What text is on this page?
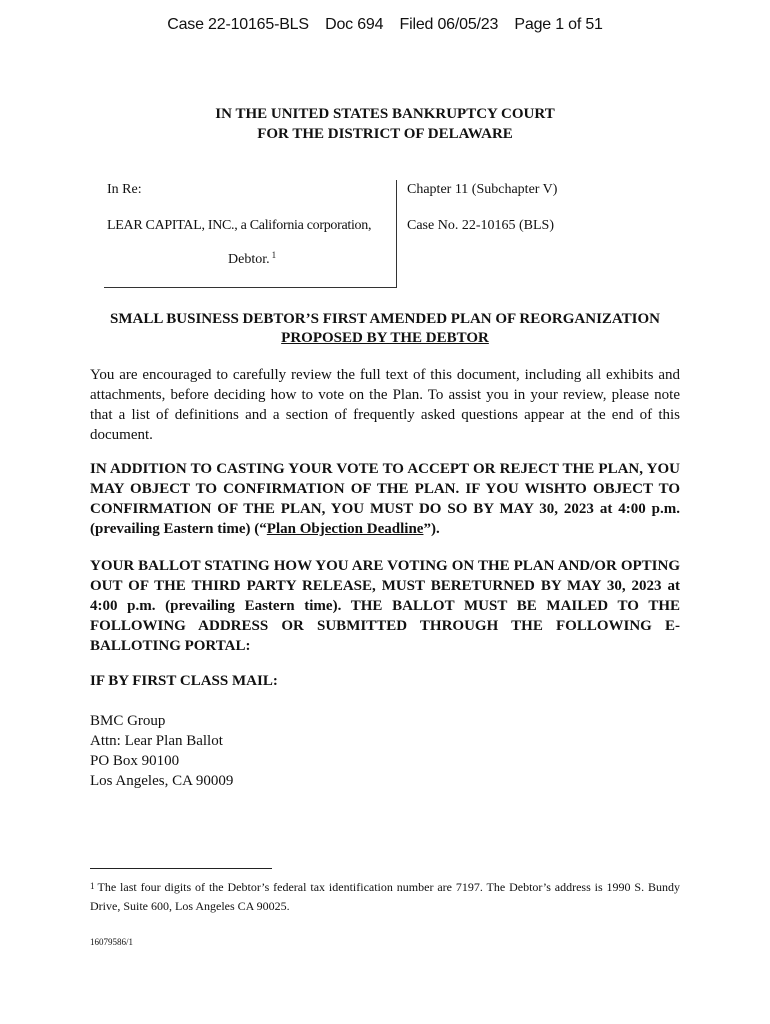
Case 22-10165-BLS Doc 694 Filed 06/05/23 Page 1 of 51
IN THE UNITED STATES BANKRUPTCY COURT
FOR THE DISTRICT OF DELAWARE
In Re:
LEAR CAPITAL, INC., a California corporation,
Debtor. $^1$
Chapter 11 (Subchapter V)
Case No. 22-10165 (BLS)
SMALL BUSINESS DEBTOR’S FIRST AMENDED PLAN OF REORGANIZATION
PROPOSED BY THE DEBTOR
You are encouraged to carefully review the full text of this document, including all exhibits and attachments, before deciding how to vote on the Plan. To assist you in your review, please note that a list of definitions and a section of frequently asked questions appear at the end of this document.
IN ADDITION TO CASTING YOUR VOTE TO ACCEPT OR REJECT THE PLAN, YOU MAY OBJECT TO CONFIRMATION OF THE PLAN. IF YOU WISHTO OBJECT TO CONFIRMATION OF THE PLAN, YOU MUST DO SO BY MAY 30, 2023 at 4:00 p.m. (prevailing Eastern time) (“Plan Objection Deadline”).
YOUR BALLOT STATING HOW YOU ARE VOTING ON THE PLAN AND/OR OPTING OUT OF THE THIRD PARTY RELEASE, MUST BERETURNED BY MAY 30, 2023 at 4:00 p.m. (prevailing Eastern time). THE BALLOT MUST BE MAILED TO THE FOLLOWING ADDRESS OR SUBMITTED THROUGH THE FOLLOWING E-BALLOTING PORTAL:
IF BY FIRST CLASS MAIL:
BMC Group
Attn: Lear Plan Ballot
PO Box 90100
Los Angeles, CA 90009
$^1$ The last four digits of the Debtor’s federal tax identification number are 7197. The Debtor’s address is 1990 S. Bundy Drive, Suite 600, Los Angeles CA 90025.
16079586/1
